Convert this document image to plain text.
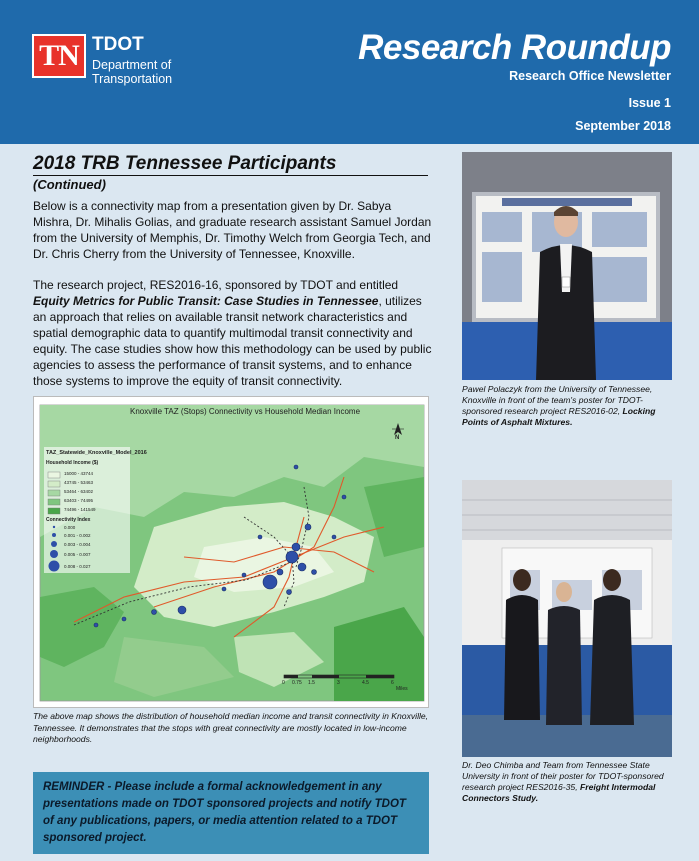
TN TDOT
Department of Transportation
Research Roundup
Research Office Newsletter
Issue 1
September 2018
2018 TRB Tennessee Participants
(Continued)
Below is a connectivity map from a presentation given by Dr. Sabya Mishra, Dr. Mihalis Golias, and graduate research assistant Samuel Jordan from the University of Memphis, Dr. Timothy Welch from Georgia Tech, and Dr. Chris Cherry from the University of Tennessee, Knoxville.
The research project, RES2016-16, sponsored by TDOT and entitled Equity Metrics for Public Transit: Case Studies in Tennessee, utilizes an approach that relies on available transit network characteristics and spatial demographic data to quantify multimodal transit connectivity and equity. The case studies show how this methodology can be used by public agencies to assess the performance of transit systems, and to enhance those systems to improve the equity of transit connectivity.
Knoxville TAZ (Stops) Connectivity vs Household Median Income
TAZ_Statewide_Knoxville_Model_2016
Household Income ($)
15000 - 43744
43745 - 53463
53464 - 63402
63403 - 74495
74496 - 141549
Connectivity Index
0.000
0.001 - 0.002
0.003 - 0.004
0.005 - 0.007
0.008 - 0.027
N
0 0.75 1.5	3	4.5	6
Miles
The above map shows the distribution of household median income and transit connectivity in Knoxville, Tennessee. It demonstrates that the stops with great connectivity are mostly located in low-income neighborhoods.
REMINDER - Please include a formal acknowledgement in any presentations made on TDOT sponsored projects and notify TDOT of any publications, papers, or media attention related to a TDOT sponsored project.
Pawel Polaczyk from the University of Tennessee, Knoxville in front of the team's poster for TDOT-sponsored research project RES2016-02, Locking Points of Asphalt Mixtures.
Dr. Deo Chimba and Team from Tennessee State University in front of their poster for TDOT-sponsored research project RES2016-35, Freight Intermodal Connectors Study.
